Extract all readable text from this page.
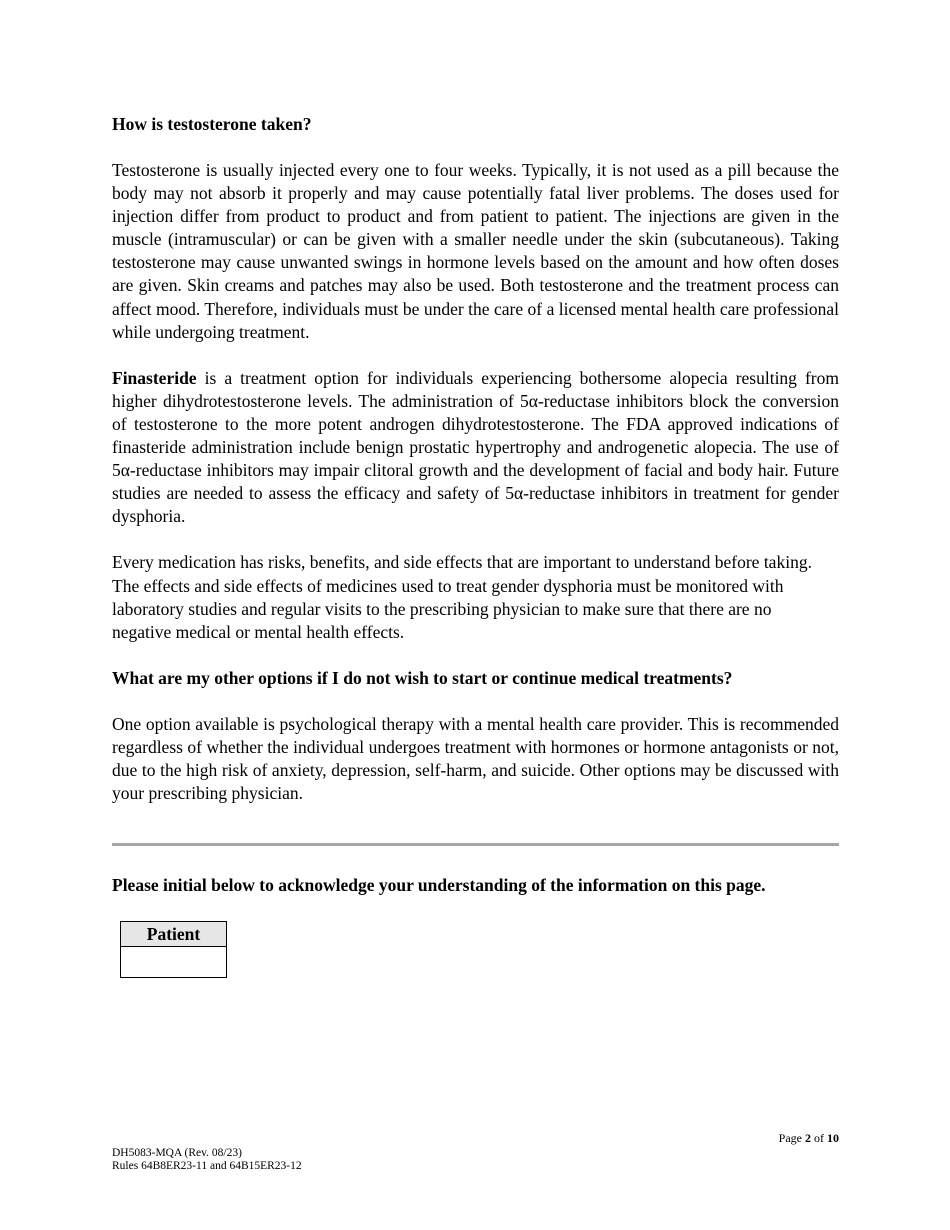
How is testosterone taken?
Testosterone is usually injected every one to four weeks. Typically, it is not used as a pill because the body may not absorb it properly and may cause potentially fatal liver problems. The doses used for injection differ from product to product and from patient to patient. The injections are given in the muscle (intramuscular) or can be given with a smaller needle under the skin (subcutaneous). Taking testosterone may cause unwanted swings in hormone levels based on the amount and how often doses are given. Skin creams and patches may also be used. Both testosterone and the treatment process can affect mood. Therefore, individuals must be under the care of a licensed mental health care professional while undergoing treatment.
Finasteride is a treatment option for individuals experiencing bothersome alopecia resulting from higher dihydrotestosterone levels. The administration of 5α-reductase inhibitors block the conversion of testosterone to the more potent androgen dihydrotestosterone. The FDA approved indications of finasteride administration include benign prostatic hypertrophy and androgenetic alopecia. The use of 5α-reductase inhibitors may impair clitoral growth and the development of facial and body hair. Future studies are needed to assess the efficacy and safety of 5α-reductase inhibitors in treatment for gender dysphoria.
Every medication has risks, benefits, and side effects that are important to understand before taking. The effects and side effects of medicines used to treat gender dysphoria must be monitored with laboratory studies and regular visits to the prescribing physician to make sure that there are no negative medical or mental health effects.
What are my other options if I do not wish to start or continue medical treatments?
One option available is psychological therapy with a mental health care provider. This is recommended regardless of whether the individual undergoes treatment with hormones or hormone antagonists or not, due to the high risk of anxiety, depression, self-harm, and suicide. Other options may be discussed with your prescribing physician.
Please initial below to acknowledge your understanding of the information on this page.
Patient
Page 2 of 10
DH5083-MQA (Rev. 08/23)
Rules 64B8ER23-11 and 64B15ER23-12
